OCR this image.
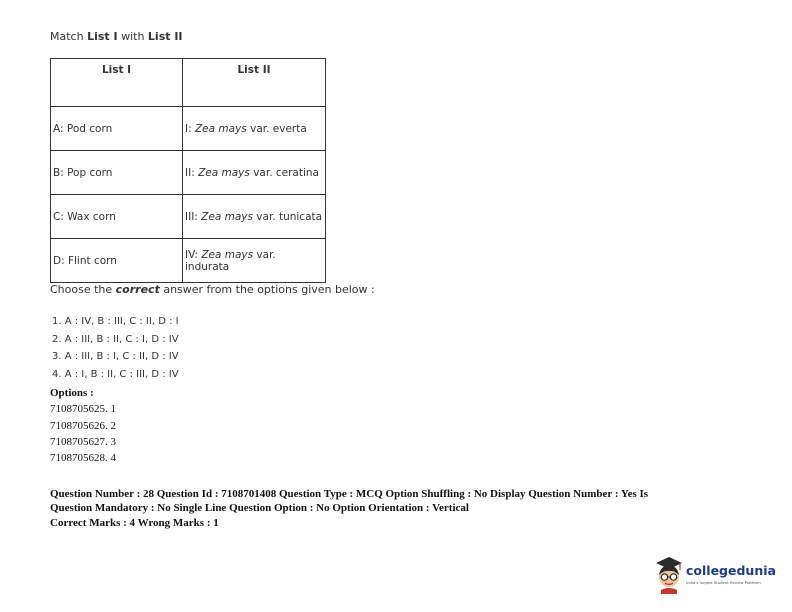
Match List I with List II
List I	List II
A: Pod corn	I: Zea mays var. everta
B: Pop corn	II: Zea mays var. ceratina
C: Wax corn	III: Zea mays var. tunicata
D: Flint corn	IV: Zea mays var. indurata
Choose the correct answer from the options given below :
1. A : IV, B : III, C : II, D : I
2. A : III, B : II, C : I, D : IV
3. A : III, B : I, C : II, D : IV
4. A : I, B : II, C : III, D : IV
Options :
7108705625. 1
7108705626. 2
7108705627. 3
7108705628. 4
Question Number : 28 Question Id : 7108701408 Question Type : MCQ Option Shuffling : No Display Question Number : Yes Is
Question Mandatory : No Single Line Question Option : No Option Orientation : Vertical
Correct Marks : 4 Wrong Marks : 1
collegedunia
India's largest Student Review Platform
